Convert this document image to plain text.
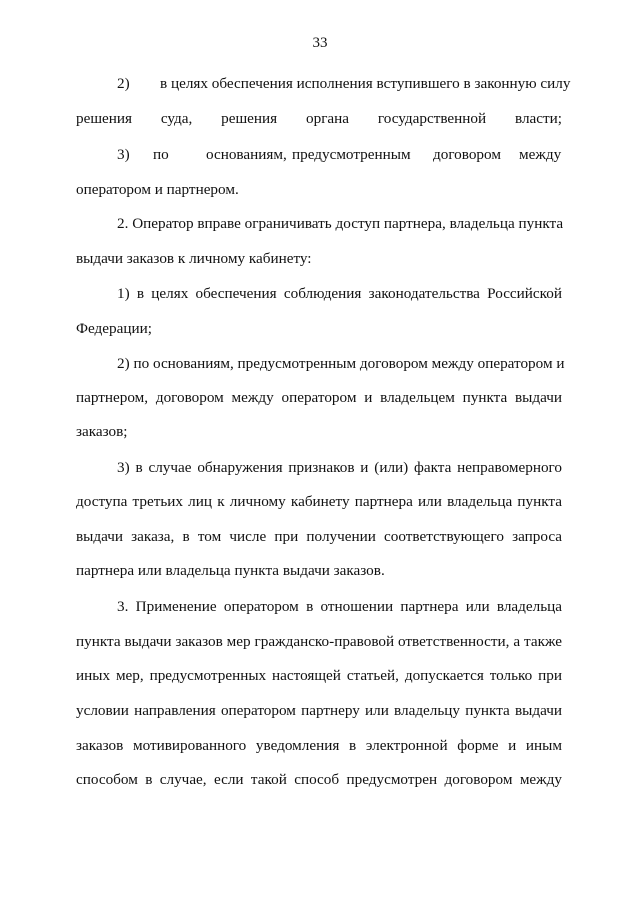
33

2) в целях обеспечения исполнения вступившего в законную силу

решения суда, решения органа государственной власти;

3) по основаниям, предусмотренным договором между

оператором и партнером.

2. Оператор вправе ограничивать доступ партнера, владельца пункта

выдачи заказов к личному кабинету:

1) в целях обеспечения соблюдения законодательства Российской

Федерации;

2) по основаниям, предусмотренным договором между оператором и

партнером, договором между оператором и владельцем пункта выдачи

заказов;

3) в случае обнаружения признаков и (или) факта неправомерного

доступа третьих лиц к личному кабинету партнера или владельца пункта

выдачи заказа, в том числе при получении соответствующего запроса

партнера или владельца пункта выдачи заказов.

3. Применение оператором в отношении партнера или владельца

пункта выдачи заказов мер гражданско-правовой ответственности, а также

иных мер, предусмотренных настоящей статьей, допускается только при

условии направления оператором партнеру или владельцу пункта выдачи

заказов мотивированного уведомления в электронной форме и иным

способом в случае, если такой способ предусмотрен договором между
